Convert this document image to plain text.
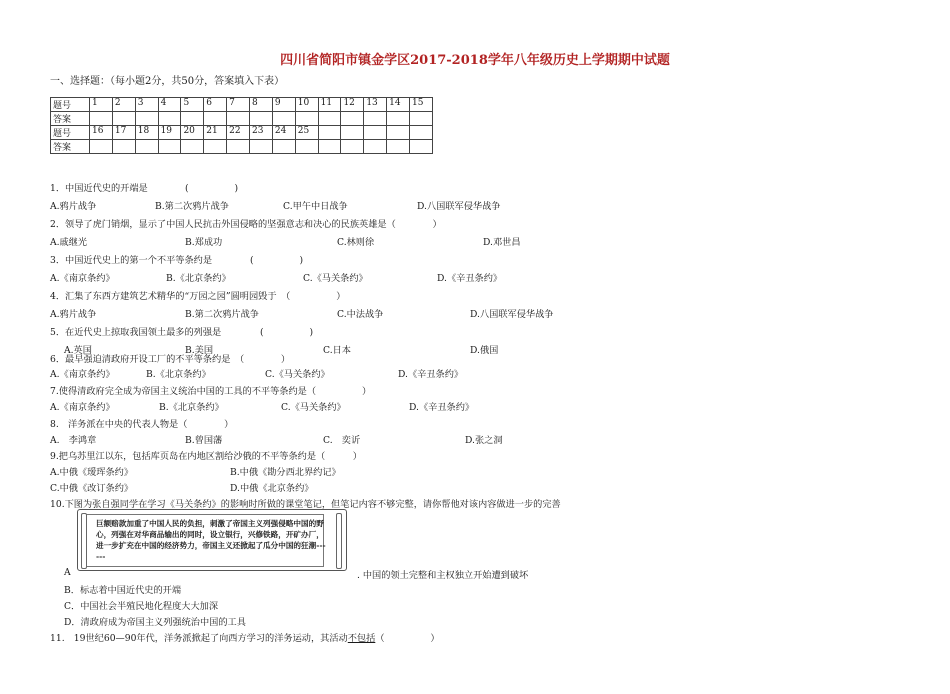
四川省简阳市镇金学区2017-2018学年八年级历史上学期期中试题
一、选择题：（每小题2分，共50分，答案填入下表）
题号	1	2	3	4	5	6	7	8	9	10	11	12	13	14	15
答案															
题号	16	17	18	19	20	21	22	23	24	25					
答案															
1．中国近代史的开端是	(　　　　　)
A.鸦片战争	B.第二次鸦片战争	C.甲午中日战争	D.八国联军侵华战争
2．领导了虎门销烟，显示了中国人民抗击外国侵略的坚强意志和决心的民族英雄是（　　　　）
A.戚继光	B.郑成功	C.林则徐	D.邓世昌
3．中国近代史上的第一个不平等条约是	(　　　　　)
A.《南京条约》	B.《北京条约》	C.《马关条约》	D.《辛丑条约》
4．汇集了东西方建筑艺术精华的“万园之园”圆明园毁于　（　　　　　）
A.鸦片战争	B.第二次鸦片战争	C.中法战争	D.八国联军侵华战争
5．在近代史上掠取我国领土最多的列强是	(　　　　　)
A.英国	B.美国	C.日本	D.俄国
6．最早强迫清政府开设工厂的不平等条约是　（　　　　）
A.《南京条约》	B.《北京条约》	C.《马关条约》	D.《辛丑条约》
7.使得清政府完全成为帝国主义统治中国的工具的不平等条约是（　　　　　）
A.《南京条约》	B.《北京条约》	C.《马关条约》	D.《辛丑条约》
8.　洋务派在中央的代表人物是（　　　　）
A.　李鸿章	B.曾国藩	C.　奕䜣	D.张之洞
9.把乌苏里江以东，包括库页岛在内地区割给沙俄的不平等条约是（　　　）
A.中俄《瑷珲条约》	B.中俄《勘分西北界约记》
C.中俄《改订条约》	D.中俄《北京条约》
10.下图为张自强同学在学习《马关条约》的影响时所做的课堂笔记，但笔记内容不够完整，请你帮他对该内容做进一步的完善
巨额赔款加重了中国人民的负担，刺激了帝国主义列强侵略中国的野心，列强在对华商品输出的同时，设立银行，兴修铁路，开矿办厂，进一步扩充在中国的经济势力，帝国主义还掀起了瓜分中国的狂潮------
A	. 中国的领土完整和主权独立开始遭到破坏
B．标志着中国近代史的开端
C．中国社会半殖民地化程度大大加深
D．清政府成为帝国主义列强统治中国的工具
11.　19世纪60—90年代，洋务派掀起了向西方学习的洋务运动，其活动不包括（　　　　　）
